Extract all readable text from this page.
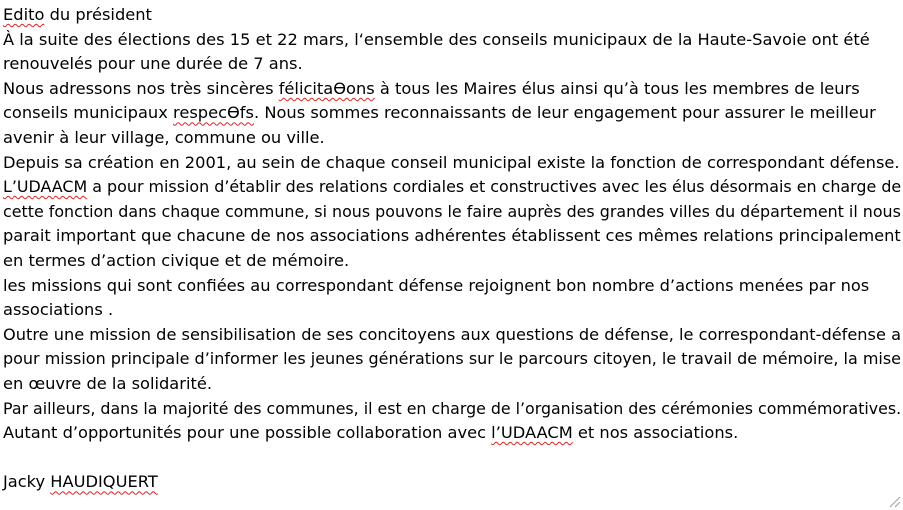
Edito du président
À la suite des élections des 15 et 22 mars, l‘ensemble des conseils municipaux de la Haute-Savoie ont été
renouvelés pour une durée de 7 ans.
Nous adressons nos très sincères félicitaƟons à tous les Maires élus ainsi qu’à tous les membres de leurs
conseils municipaux respecƟfs. Nous sommes reconnaissants de leur engagement pour assurer le meilleur
avenir à leur village, commune ou ville.
Depuis sa création en 2001, au sein de chaque conseil municipal existe la fonction de correspondant défense.
L’UDAACM a pour mission d’établir des relations cordiales et constructives avec les élus désormais en charge de
cette fonction dans chaque commune, si nous pouvons le faire auprès des grandes villes du département il nous
parait important que chacune de nos associations adhérentes établissent ces mêmes relations principalement
en termes d’action civique et de mémoire.
les missions qui sont confiées au correspondant défense rejoignent bon nombre d’actions menées par nos
associations .
Outre une mission de sensibilisation de ses concitoyens aux questions de défense, le correspondant-défense a
pour mission principale d’informer les jeunes générations sur le parcours citoyen, le travail de mémoire, la mise
en œuvre de la solidarité.
Par ailleurs, dans la majorité des communes, il est en charge de l’organisation des cérémonies commémoratives.
Autant d’opportunités pour une possible collaboration avec l’UDAACM et nos associations.
Jacky HAUDIQUERT
